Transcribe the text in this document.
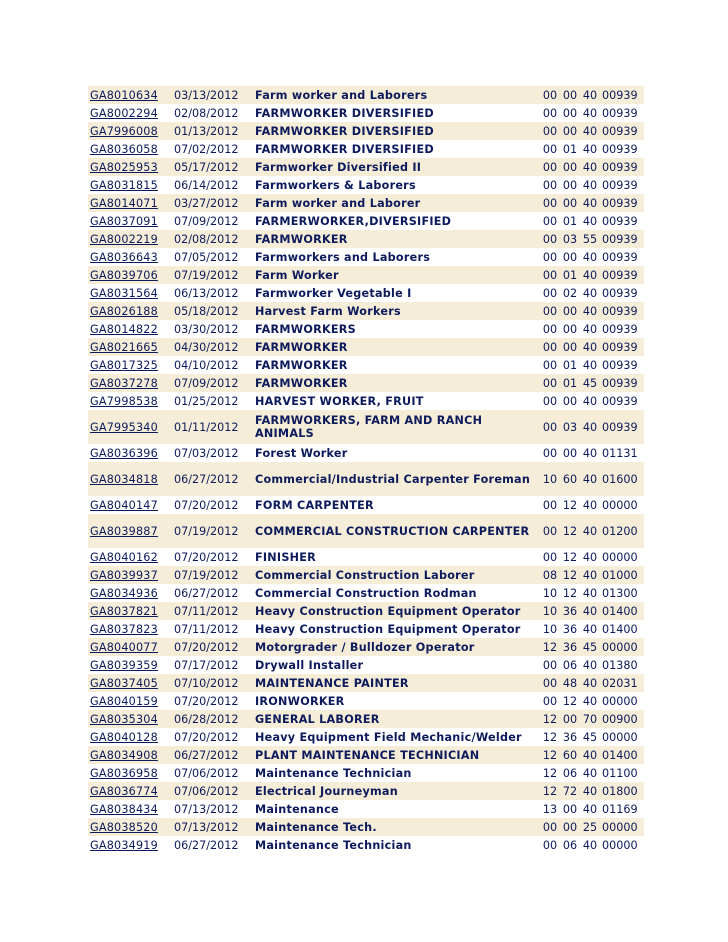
GA8010634	03/13/2012	Farm worker and Laborers	00	00	40	00939
GA8002294	02/08/2012	FARMWORKER DIVERSIFIED	00	00	40	00939
GA7996008	01/13/2012	FARMWORKER DIVERSIFIED	00	00	40	00939
GA8036058	07/02/2012	FARMWORKER DIVERSIFIED	00	01	40	00939
GA8025953	05/17/2012	Farmworker Diversified II	00	00	40	00939
GA8031815	06/14/2012	Farmworkers & Laborers	00	00	40	00939
GA8014071	03/27/2012	Farm worker and Laborer	00	00	40	00939
GA8037091	07/09/2012	FARMERWORKER,DIVERSIFIED	00	01	40	00939
GA8002219	02/08/2012	FARMWORKER	00	03	55	00939
GA8036643	07/05/2012	Farmworkers and Laborers	00	00	40	00939
GA8039706	07/19/2012	Farm Worker	00	01	40	00939
GA8031564	06/13/2012	Farmworker Vegetable I	00	02	40	00939
GA8026188	05/18/2012	Harvest Farm Workers	00	00	40	00939
GA8014822	03/30/2012	FARMWORKERS	00	00	40	00939
GA8021665	04/30/2012	FARMWORKER	00	00	40	00939
GA8017325	04/10/2012	FARMWORKER	00	01	40	00939
GA8037278	07/09/2012	FARMWORKER	00	01	45	00939
GA7998538	01/25/2012	HARVEST WORKER, FRUIT	00	00	40	00939
GA7995340	01/11/2012	FARMWORKERS, FARM AND RANCH ANIMALS	00	03	40	00939
GA8036396	07/03/2012	Forest Worker	00	00	40	01131
GA8034818	06/27/2012	Commercial/Industrial Carpenter Foreman	10	60	40	01600
GA8040147	07/20/2012	FORM CARPENTER	00	12	40	00000
GA8039887	07/19/2012	COMMERCIAL CONSTRUCTION CARPENTER	00	12	40	01200
GA8040162	07/20/2012	FINISHER	00	12	40	00000
GA8039937	07/19/2012	Commercial Construction Laborer	08	12	40	01000
GA8034936	06/27/2012	Commercial Construction Rodman	10	12	40	01300
GA8037821	07/11/2012	Heavy Construction Equipment Operator	10	36	40	01400
GA8037823	07/11/2012	Heavy Construction Equipment Operator	10	36	40	01400
GA8040077	07/20/2012	Motorgrader / Bulldozer Operator	12	36	45	00000
GA8039359	07/17/2012	Drywall Installer	00	06	40	01380
GA8037405	07/10/2012	MAINTENANCE PAINTER	00	48	40	02031
GA8040159	07/20/2012	IRONWORKER	00	12	40	00000
GA8035304	06/28/2012	GENERAL LABORER	12	00	70	00900
GA8040128	07/20/2012	Heavy Equipment Field Mechanic/Welder	12	36	45	00000
GA8034908	06/27/2012	PLANT MAINTENANCE TECHNICIAN	12	60	40	01400
GA8036958	07/06/2012	Maintenance Technician	12	06	40	01100
GA8036774	07/06/2012	Electrical Journeyman	12	72	40	01800
GA8038434	07/13/2012	Maintenance	13	00	40	01169
GA8038520	07/13/2012	Maintenance Tech.	00	00	25	00000
GA8034919	06/27/2012	Maintenance Technician	00	06	40	00000
